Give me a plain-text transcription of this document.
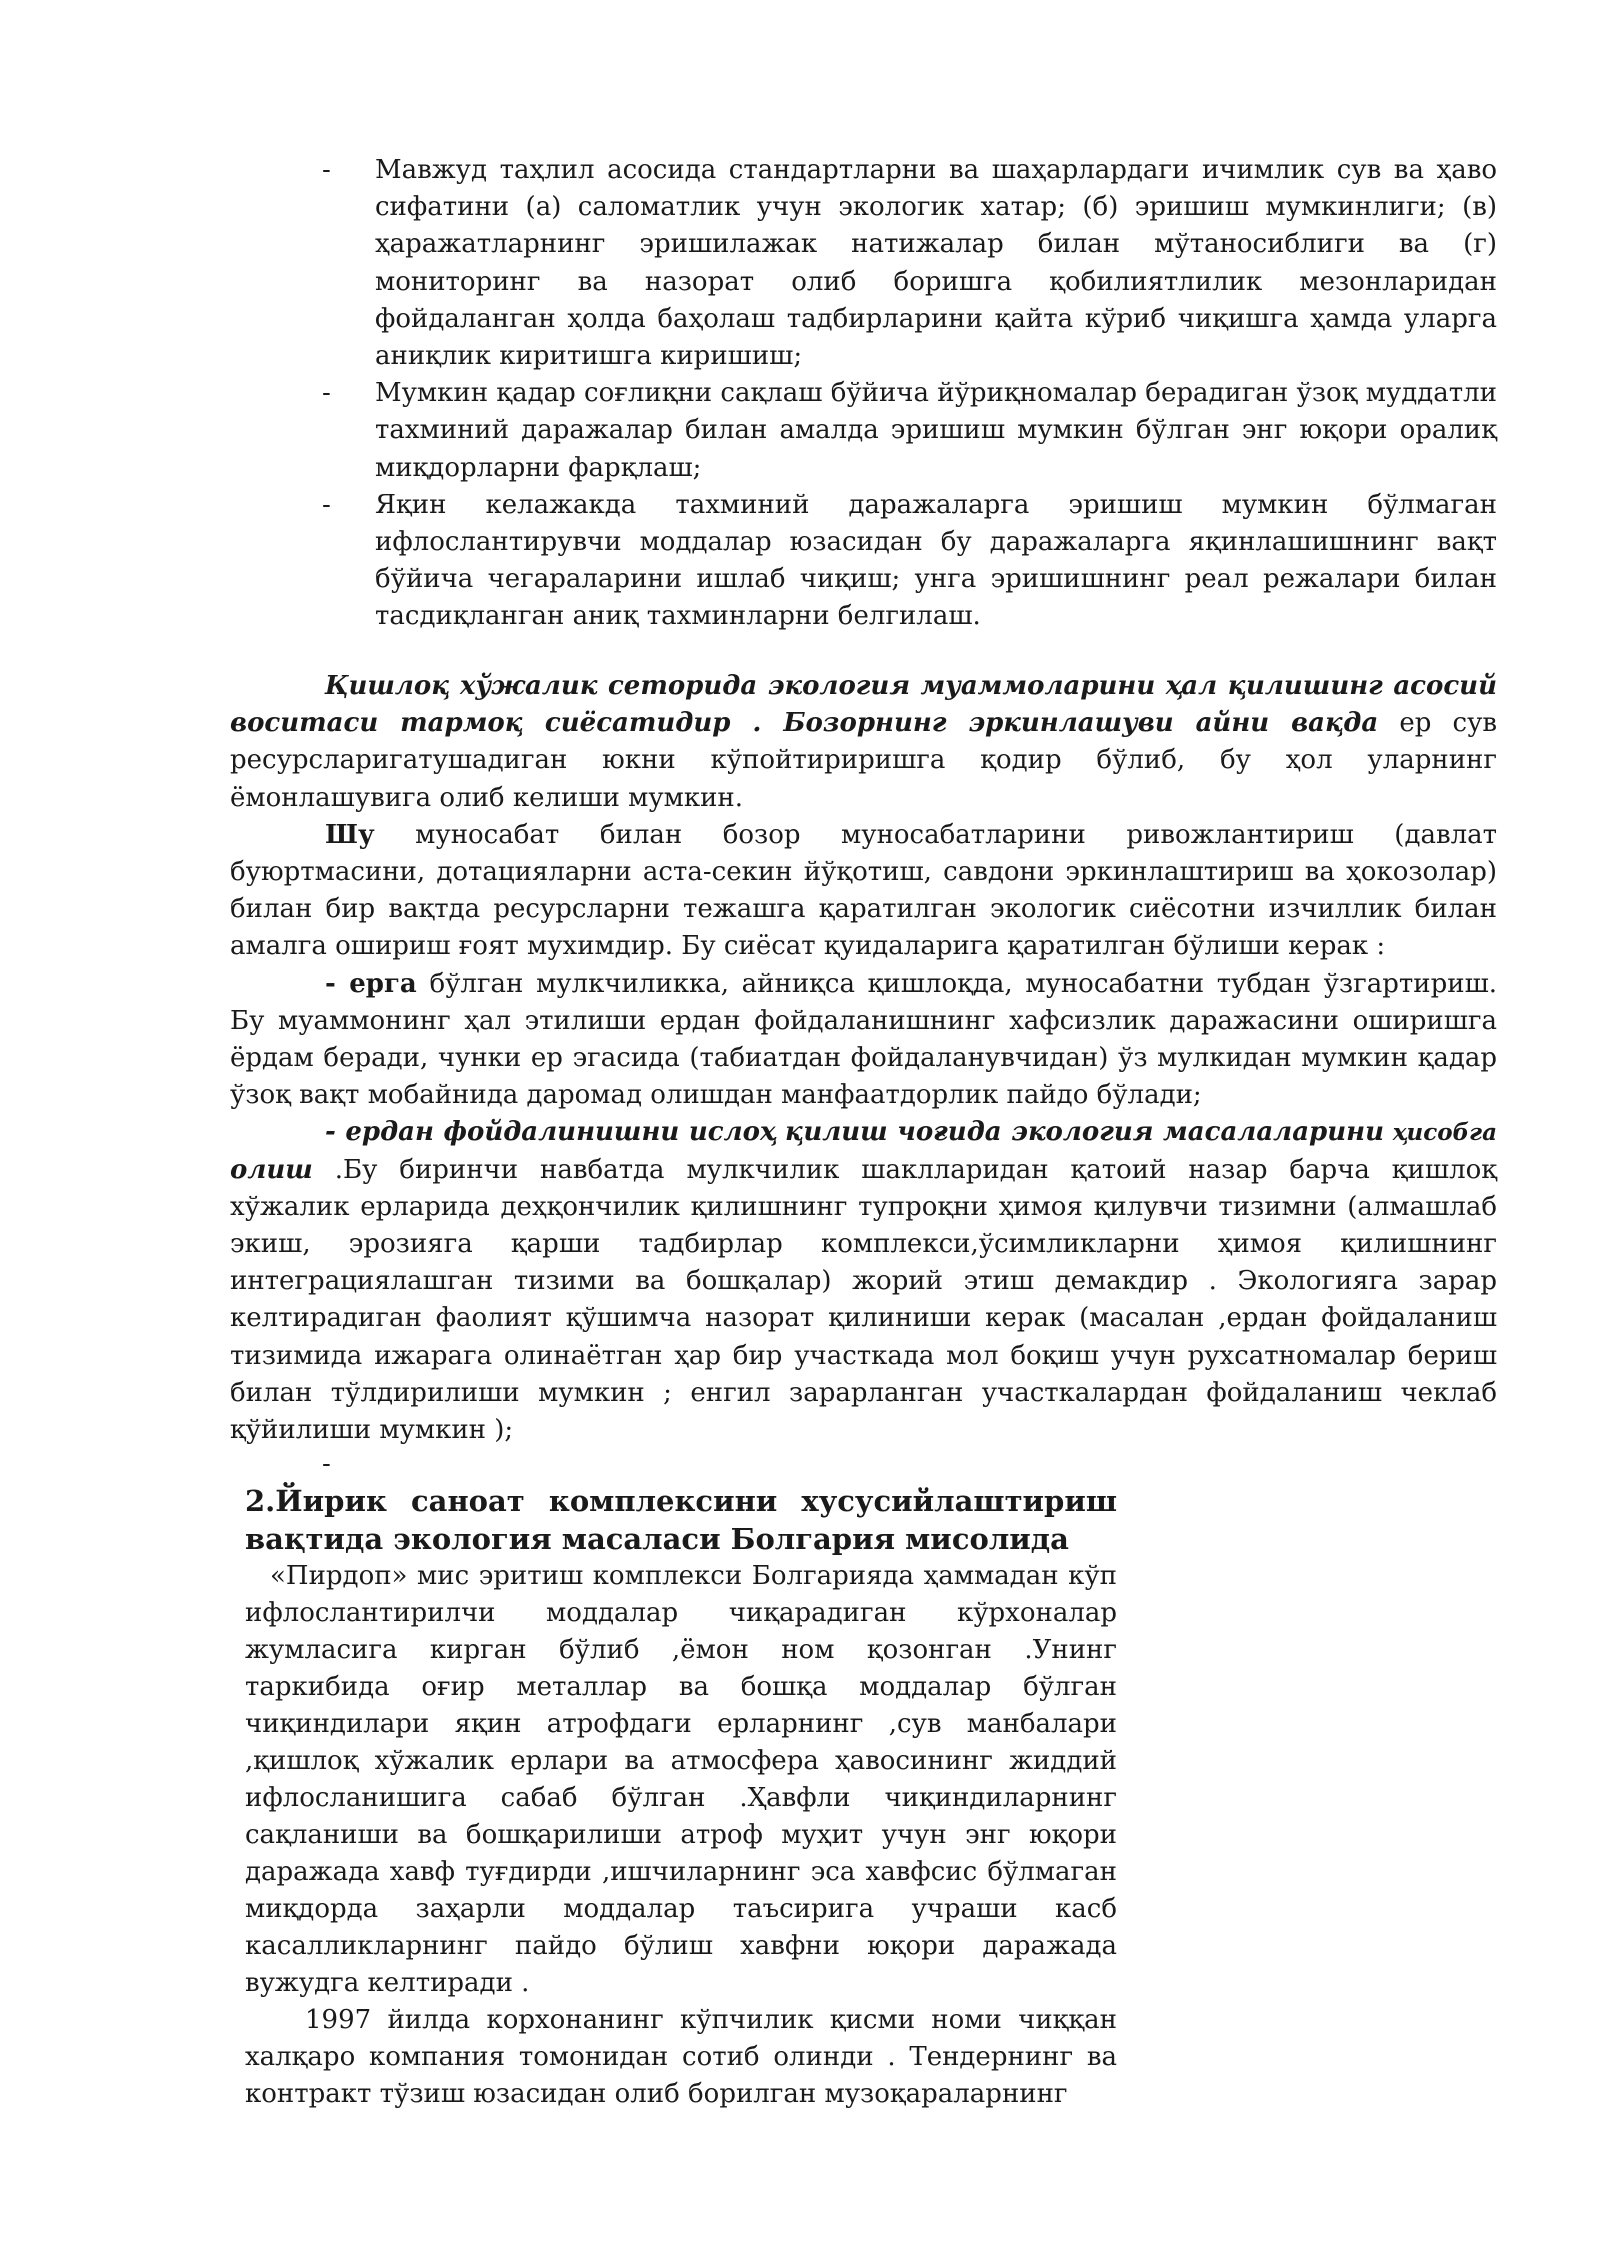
- Мавжуд таҳлил асосида стандартларни ва шаҳарлардаги ичимлик сув ва ҳаво сифатини (а) саломатлик учун экологик хатар; (б) эришиш мумкинлиги; (в) ҳаражатларнинг эришилажак натижалар билан мўтаносиблиги ва (г) мониторинг ва назорат олиб боришга қобилиятлилик мезонларидан фойдаланган ҳолда баҳолаш тадбирларини қайта кўриб чиқишга ҳамда уларга аниқлик киритишга киришиш;
- Мумкин қадар соғлиқни сақлаш бўйича йўриқномалар берадиган ўзоқ муддатли тахминий даражалар билан амалда эришиш мумкин бўлган энг юқори оралиқ миқдорларни фарқлаш;
- Яқин келажакда тахминий даражаларга эришиш мумкин бўлмаган ифлослантирувчи моддалар юзасидан бу даражаларга яқинлашишнинг вақт бўйича чегараларини ишлаб чиқиш; унга эришишнинг реал режалари билан тасдиқланган аниқ тахминларни белгилаш.

Қишлоқ хўжалик сеторида экология муаммоларини ҳал қилишинг асосий воситаси тармоқ сиёсатидир . Бозорнинг эркинлашуви айни вақда ер сув ресурсларигатушадиган юкни кўпойтириришга қодир бўлиб, бу ҳол уларнинг ёмонлашувига олиб келиши мумкин.

Шу муносабат билан бозор муносабатларини ривожлантириш (давлат буюртмасини, дотацияларни аста-секин йўқотиш, савдони эркинлаштириш ва ҳокозолар) билан бир вақтда ресурсларни тежашга қаратилган экологик сиёсотни изчиллик билан амалга ошириш ғоят мухимдир. Бу сиёсат қуидаларига қаратилган бўлиши керак :

- ерга бўлган мулкчиликка, айниқса қишлоқда, муносабатни тубдан ўзгартириш. Бу муаммонинг ҳал этилиши ердан фойдаланишнинг хафсизлик даражасини оширишга ёрдам беради, чунки ер эгасида (табиатдан фойдаланувчидан) ўз мулкидан мумкин қадар ўзоқ вақт мобайнида даромад олишдан манфаатдорлик пайдо бўлади;

- ердан фойдалинишни ислоҳ қилиш чоғида экология масалаларини ҳисобга олиш .Бу биринчи навбатда мулкчилик шаклларидан қатоий назар барча қишлоқ хўжалик ерларида деҳқончилик қилишнинг тупроқни ҳимоя қилувчи тизимни (алмашлаб экиш, эрозияга қарши тадбирлар комплекси,ўсимликларни ҳимоя қилишнинг интеграциялашган тизими ва бошқалар) жорий этиш демакдир . Экологияга зарар келтирадиган фаолият қўшимча назорат қилиниши керак (масалан ,ердан фойдаланиш тизимида ижарага олинаётган ҳар бир участкада мол боқиш учун рухсатномалар бериш билан тўлдирилиши мумкин ; енгил зарарланган участкалардан фойдаланиш чеклаб қўйилиши мумкин );

-
2.Йирик саноат комплексини хусусийлаштириш вақтида экология масаласи Болгария мисолида

«Пирдоп» мис эритиш комплекси Болгарияда ҳаммадан кўп ифлослантирилчи моддалар чиқарадиган кўрхоналар жумласига кирган бўлиб ,ёмон ном қозонган .Унинг таркибида оғир металлар ва бошқа моддалар бўлган чиқиндилари яқин атрофдаги ерларнинг ,сув манбалари ,қишлоқ хўжалик ерлари ва атмосфера ҳавосининг жиддий ифлосланишига сабаб бўлган .Ҳавфли чиқиндиларнинг сақланиши ва бошқарилиши атроф муҳит учун энг юқори даражада хавф туғдирди ,ишчиларнинг эса хавфсис бўлмаган миқдорда заҳарли моддалар таъсирига учраши касб касалликларнинг пайдо бўлиш хавфни юқори даражада вужудга келтиради .

1997 йилда корхонанинг кўпчилик қисми номи чиққан халқаро компания томонидан сотиб олинди . Тендернинг ва контракт тўзиш юзасидан олиб борилган музоқараларнинг
